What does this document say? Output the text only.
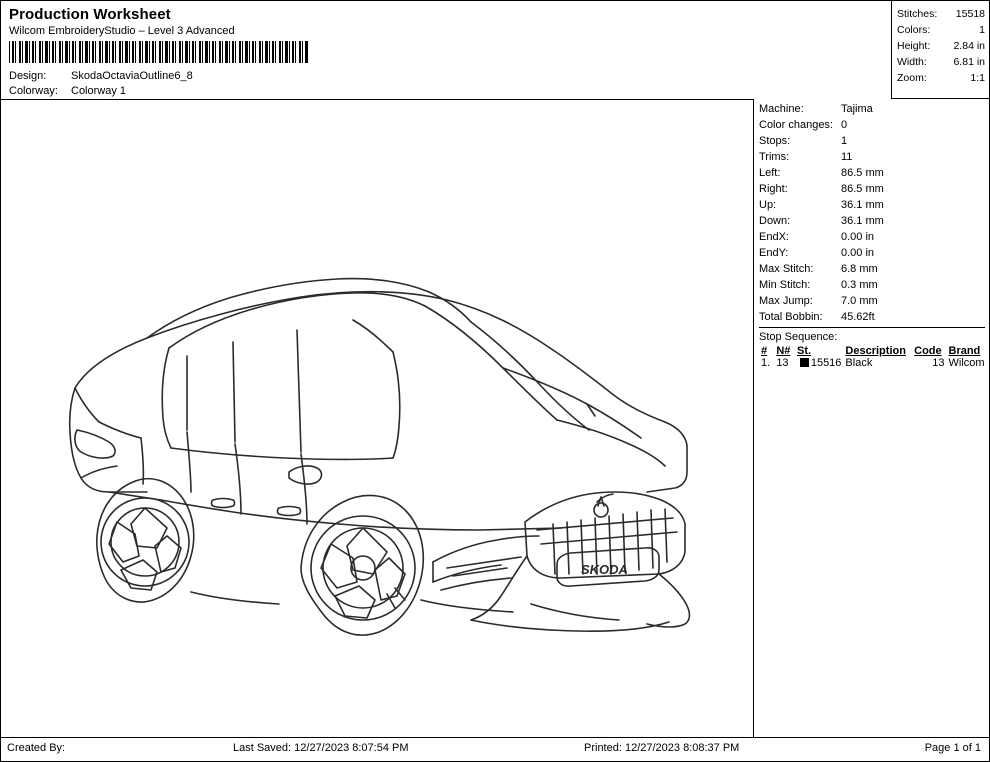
Production Worksheet
Wilcom EmbroideryStudio – Level 3 Advanced
Design:	SkodaOctaviaOutline6_8
Colorway:	Colorway 1
Stitches:	15518
Colors:	1
Height:	2.84 in
Width:	6.81 in
Zoom:	1:1
SKODA
Machine:	Tajima
Color changes: 0
Stops:	1
Trims:	11
Left:	86.5 mm
Right:	86.5 mm
Up:	36.1 mm
Down:	36.1 mm
EndX:	0.00 in
EndY:	0.00 in
Max Stitch:	6.8 mm
Min Stitch:	0.3 mm
Max Jump:	7.0 mm
Total Bobbin:	45.62ft
Stop Sequence:
#	N#	St.	Description	Code	Brand
1.	13	15516	Black	13	Wilcom
Created By:	Last Saved: 12/27/2023 8:07:54 PM	Printed: 12/27/2023 8:08:37 PM	Page 1 of 1
